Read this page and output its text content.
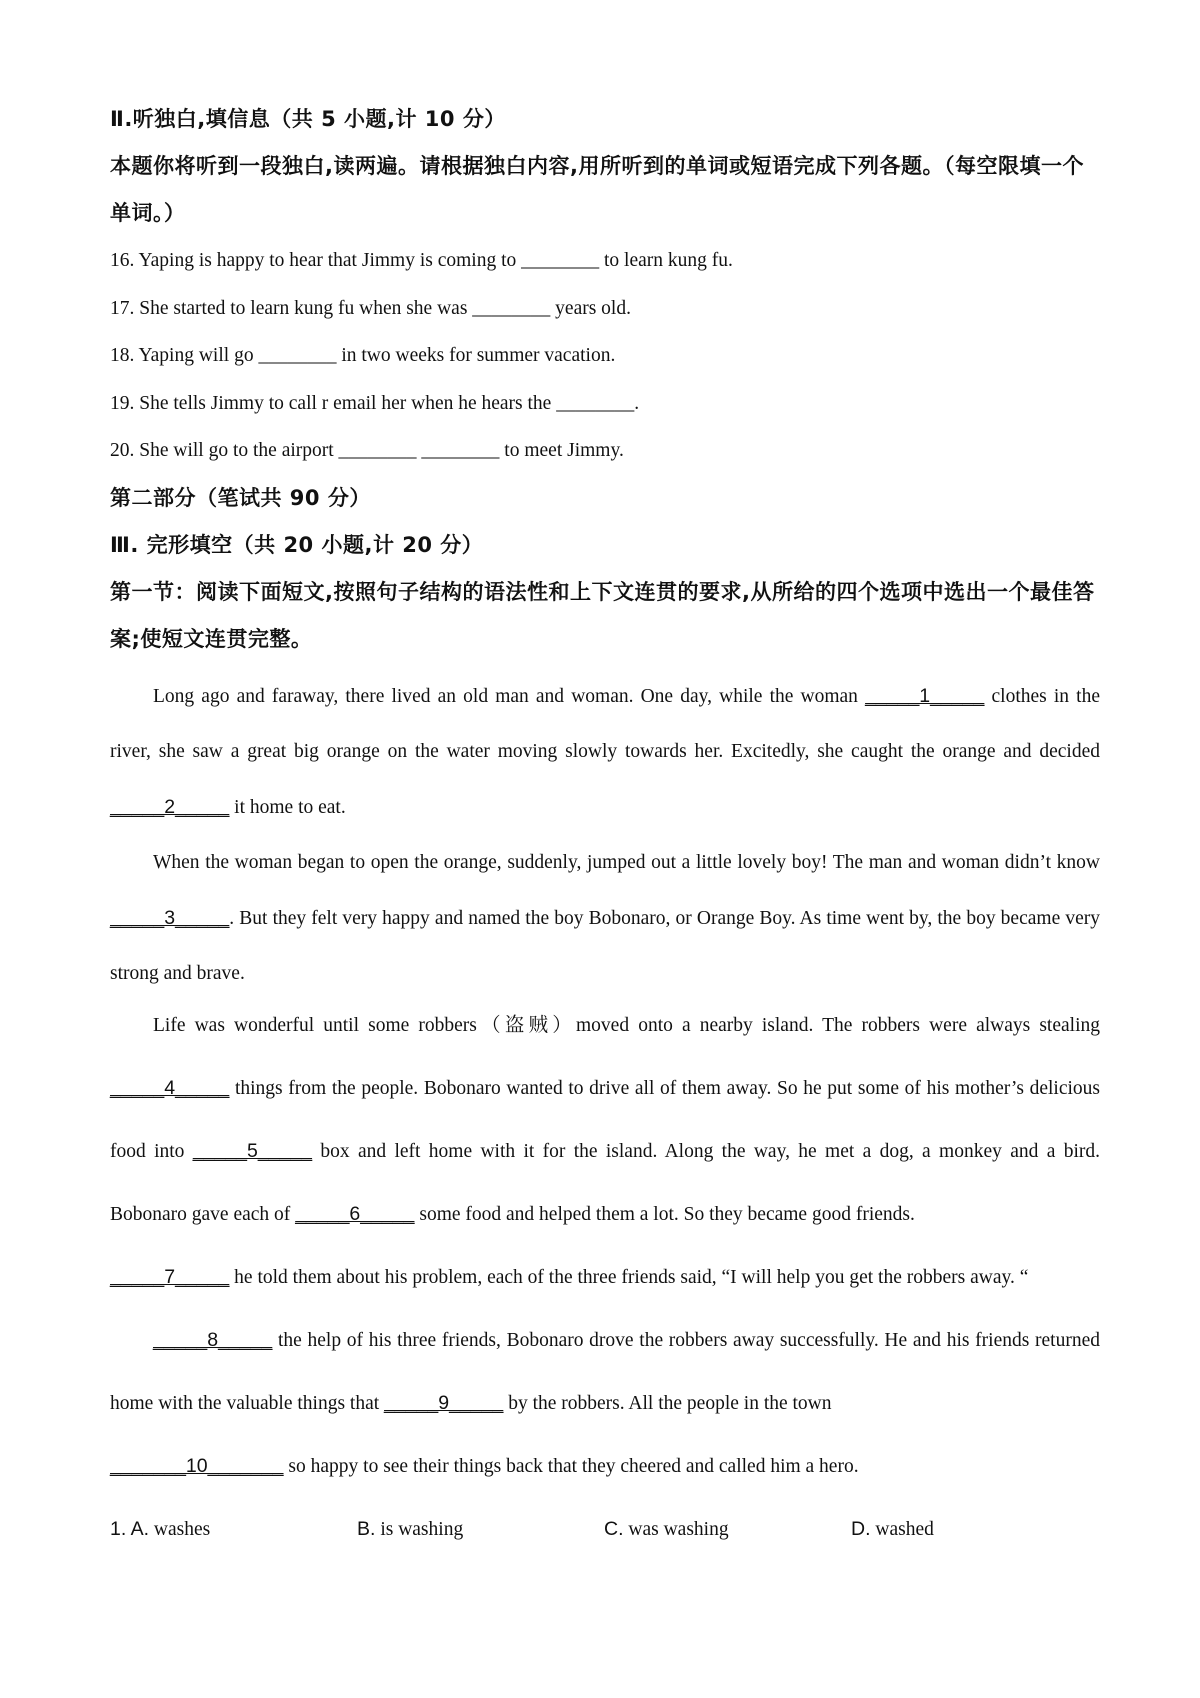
Ⅱ.听独白,填信息（共 5 小题,计 10 分）

本题你将听到一段独白,读两遍。请根据独白内容,用所听到的单词或短语完成下列各题。（每空限填一个单词。）

16. Yaping is happy to hear that Jimmy is coming to ________ to learn kung fu.

17. She started to learn kung fu when she was ________ years old.

18. Yaping will go ________ in two weeks for summer vacation.

19. She tells Jimmy to call r email her when he hears the ________.

20. She will go to the airport ________ ________ to meet Jimmy.

第二部分（笔试共 90 分）

Ⅲ. 完形填空（共 20 小题,计 20 分）

第一节：阅读下面短文,按照句子结构的语法性和上下文连贯的要求,从所给的四个选项中选出一个最佳答案;使短文连贯完整。

Long ago and faraway, there lived an old man and woman. One day, while the woman _____1_____ clothes in the river, she saw a great big orange on the water moving slowly towards her. Excitedly, she caught the orange and decided _____2_____ it home to eat.

When the woman began to open the orange, suddenly, jumped out a little lovely boy! The man and woman didn’t know _____3_____. But they felt very happy and named the boy Bobonaro, or Orange Boy. As time went by, the boy became very strong and brave.

Life was wonderful until some robbers（盗贼）moved onto a nearby island. The robbers were always stealing _____4_____ things from the people. Bobonaro wanted to drive all of them away. So he put some of his mother’s delicious food into _____5_____ box and left home with it for the island. Along the way, he met a dog, a monkey and a bird. Bobonaro gave each of _____6_____ some food and helped them a lot. So they became good friends.
_____7_____ he told them about his problem, each of the three friends said, “I will help you get the robbers away. “

_____8_____ the help of his three friends, Bobonaro drove the robbers away successfully. He and his friends returned home with the valuable things that _____9_____ by the robbers. All the people in the town

_______10_______ so happy to see their things back that they cheered and called him a hero.

1. A. washes	B. is washing	C. was washing	D. washed
